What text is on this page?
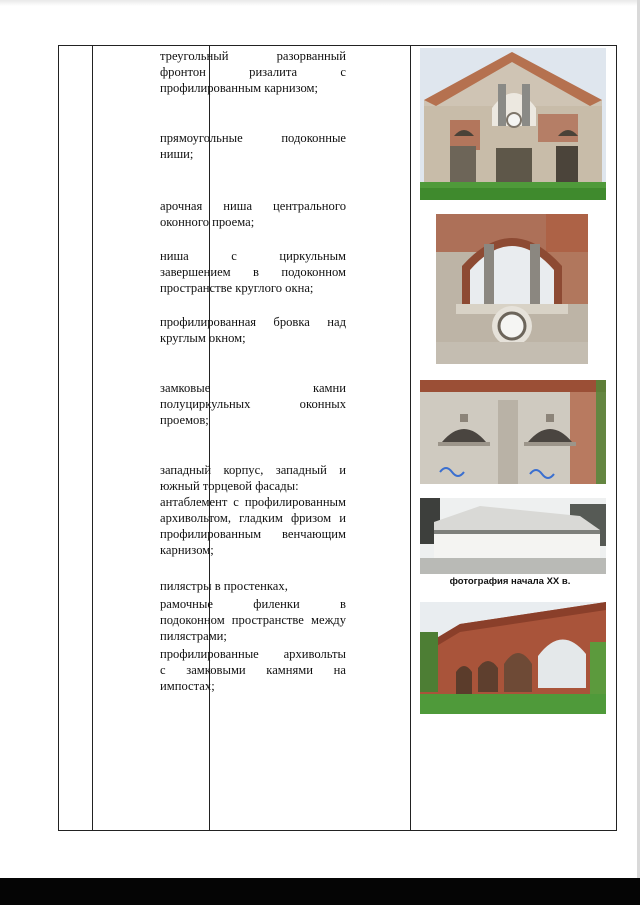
треугольный разорванный
фронтон ризалита с
профилированным карнизом;
прямоугольные подоконные
ниши;
арочная ниша центрального
оконного проема;
ниша с циркульным
завершением в подоконном
пространстве круглого окна;
профилированная бровка над
круглым окном;
замковые камни
полуциркульных оконных
проемов;
западный корпус, западный и
южный торцевой фасады:
антаблемент с профилированным
архивольтом, гладким фризом и
профилированным венчающим
карнизом;
пилястры в простенках,
рамочные филенки в
подоконном пространстве между
пилястрами;
профилированные архивольты
с замковыми камнями на
импостах;
фотография начала XX в.
